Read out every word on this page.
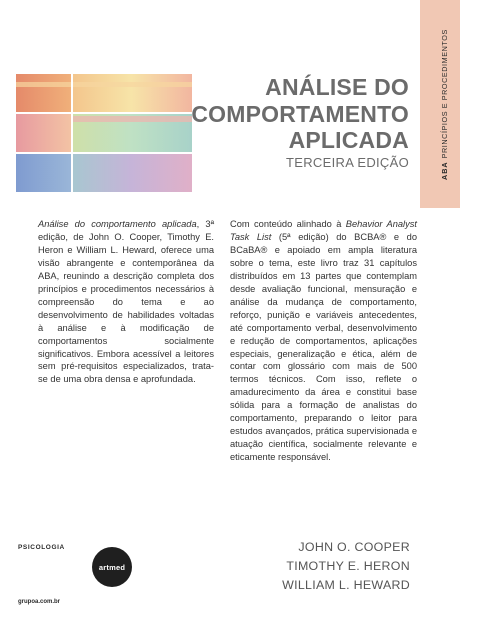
ABAPRINCÍPIOS E PROCEDIMENTOS
ANÁLISE DO
COMPORTAMENTO
APLICADA
TERCEIRA EDIÇÃO

Análise do comportamento aplicada, 3ª edição, de John O. Cooper, Timothy E. Heron e William L. Heward, oferece uma visão abrangente e contemporânea da ABA, reunindo a descrição completa dos princípios e procedimentos necessários à compreensão do tema e ao desenvolvimento de habilidades voltadas à análise e à modificação de comportamentos socialmente significativos. Embora acessível a leitores sem pré-requisitos especializados, trata-se de uma obra densa e aprofundada.

Com conteúdo alinhado à Behavior Analyst Task List (5ª edição) do BCBA® e do BCaBA® e apoiado em ampla literatura sobre o tema, este livro traz 31 capítulos distribuídos em 13 partes que contemplam desde avaliação funcional, mensuração e análise da mudança de comportamento, reforço, punição e variáveis antecedentes, até comportamento verbal, desenvolvimento e redução de comportamentos, aplicações especiais, generalização e ética, além de contar com glossário com mais de 500 termos técnicos. Com isso, reflete o amadurecimento da área e constitui base sólida para a formação de analistas do comportamento, preparando o leitor para estudos avançados, prática supervisionada e atuação científica, socialmente relevante e eticamente responsável.

PSICOLOGIA
artmed
grupoa.com.br
JOHN O. COOPER
TIMOTHY E. HERON
WILLIAM L. HEWARD
